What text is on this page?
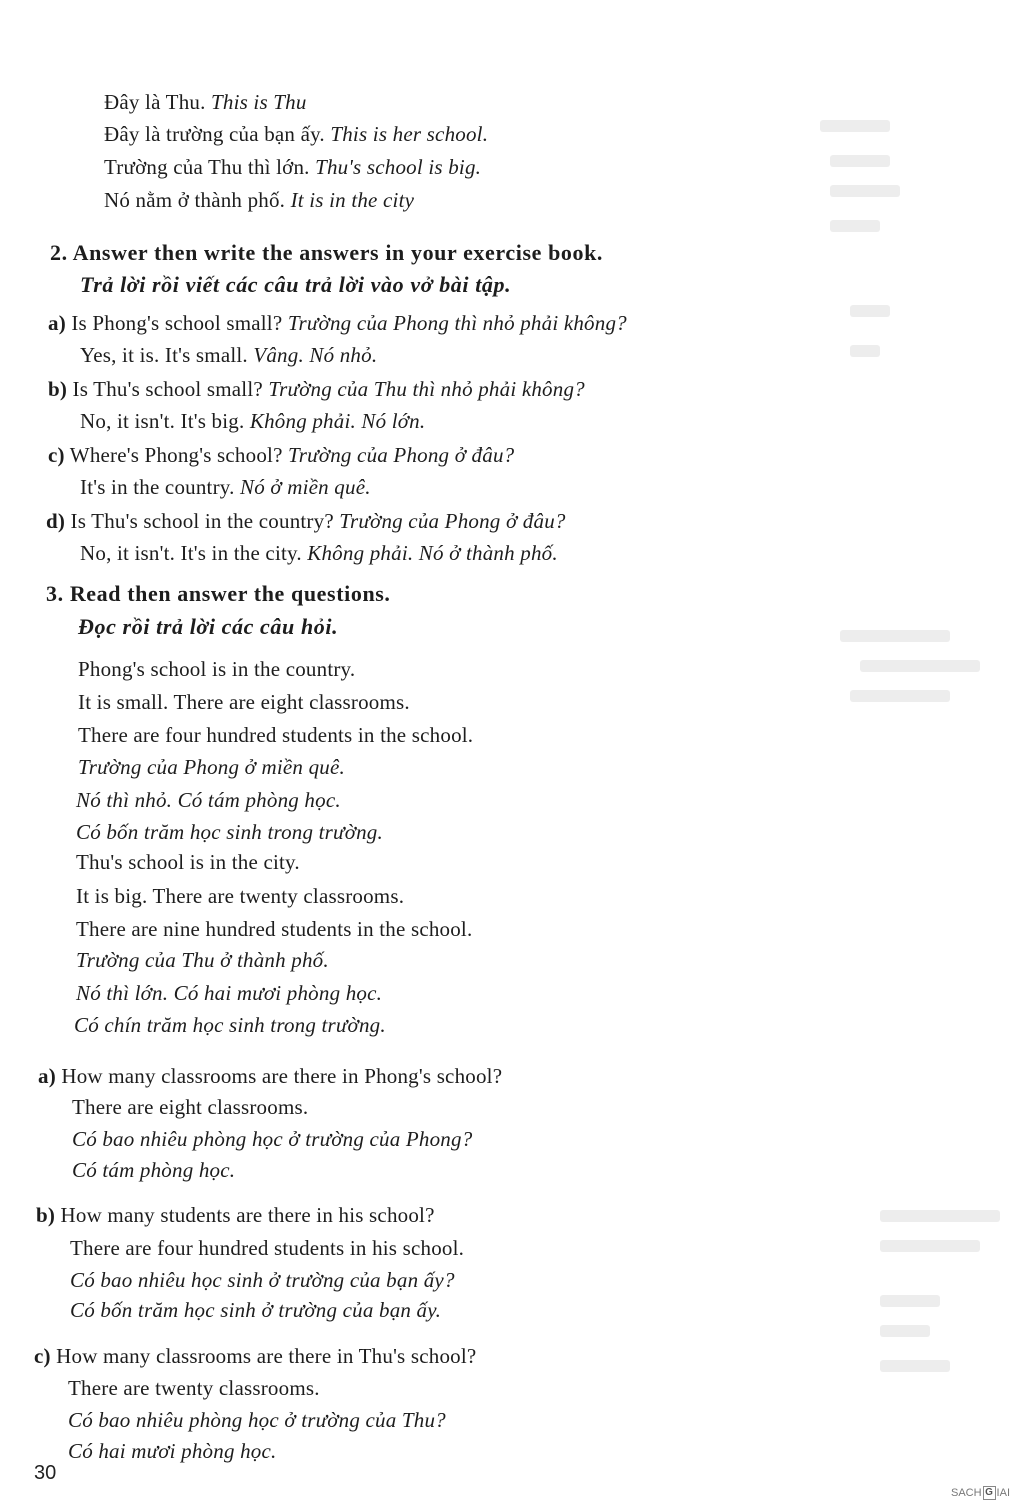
Đây là Thu. This is Thu
Đây là trường của bạn ấy. This is her school.
Trường của Thu thì lớn. Thu's school is big.
Nó nằm ở thành phố. It is in the city
2. Answer then write the answers in your exercise book.
Trả lời rồi viết các câu trả lời vào vở bài tập.
a) Is Phong's school small? Trường của Phong thì nhỏ phải không?
Yes, it is. It's small. Vâng. Nó nhỏ.
b) Is Thu's school small? Trường của Thu thì nhỏ phải không?
No, it isn't. It's big. Không phải. Nó lớn.
c) Where's Phong's school? Trường của Phong ở đâu?
It's in the country. Nó ở miền quê.
d) Is Thu's school in the country? Trường của Phong ở đâu?
No, it isn't. It's in the city. Không phải. Nó ở thành phố.
3. Read then answer the questions.
Đọc rồi trả lời các câu hỏi.
Phong's school is in the country.
It is small. There are eight classrooms.
There are four hundred students in the school.
Trường của Phong ở miền quê.
Nó thì nhỏ. Có tám phòng học.
Có bốn trăm học sinh trong trường.
Thu's school is in the city.
It is big. There are twenty classrooms.
There are nine hundred students in the school.
Trường của Thu ở thành phố.
Nó thì lớn. Có hai mươi phòng học.
Có chín trăm học sinh trong trường.
a) How many classrooms are there in Phong's school?
There are eight classrooms.
Có bao nhiêu phòng học ở trường của Phong?
Có tám phòng học.
b) How many students are there in his school?
There are four hundred students in his school.
Có bao nhiêu học sinh ở trường của bạn ấy?
Có bốn trăm học sinh ở trường của bạn ấy.
c) How many classrooms are there in Thu's school?
There are twenty classrooms.
Có bao nhiêu phòng học ở trường của Thu?
Có hai mươi phòng học.
30
SACH G IAI
